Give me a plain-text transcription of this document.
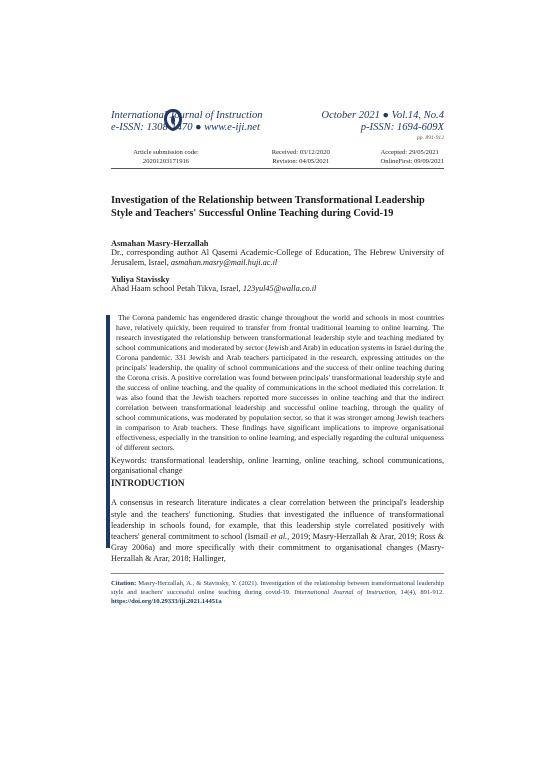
International Journal of Instruction	October 2021 ● Vol.14, No.4
e-ISSN: 1308-1470 ● www.e-iji.net	p-ISSN: 1694-609X
pp. 891-912
Article submission code:
20201203171916
Received: 03/12/2020
Revision: 04/05/2021
Accepted: 29/05/2021
OnlineFirst: 09/09/2021
Investigation of the Relationship between Transformational Leadership Style and Teachers' Successful Online Teaching during Covid-19
Asmahan Masry-Herzallah
Dr., corresponding author Al Qasemi Academic-College of Education, The Hebrew University of Jerusalem, Israel, asmahan.masry@mail.huji.ac.il
Yuliya Stavissky
Ahad Haam school Petah Tikva, Israel, 123yul45@walla.co.il
The Corona pandemic has engendered drastic change throughout the world and schools in most countries have, relatively quickly, been required to transfer from frontal traditional learning to online learning. The research investigated the relationship between transformational leadership style and teaching mediated by school communications and moderated by sector (Jewish and Arab) in education systems in Israel during the Corona pandemic. 331 Jewish and Arab teachers participated in the research, expressing attitudes on the principals' leadership, the quality of school communications and the success of their online teaching during the Corona crisis. A positive correlation was found between principals' transformational leadership style and the success of online teaching, and the quality of communications in the school mediated this correlation. It was also found that the Jewish teachers reported more successes in online teaching and that the indirect correlation between transformational leadership and successful online teaching, through the quality of school communications, was moderated by population sector, so that it was stronger among Jewish teachers in comparison to Arab teachers. These findings have significant implications to improve organisational effectiveness, especially in the transition to online learning, and especially regarding the cultural uniqueness of different sectors.
Keywords: transformational leadership, online learning, online teaching, school communications, organisational change
INTRODUCTION
A consensus in research literature indicates a clear correlation between the principal's leadership style and the teachers' functioning. Studies that investigated the influence of transformational leadership in schools found, for example, that this leadership style correlated positively with teachers' general commitment to school (Ismail et al., 2019; Masry-Herzallah & Arar, 2019; Ross & Gray 2006a) and more specifically with their commitment to organisational changes (Masry-Herzallah & Arar, 2018; Hallinger,
Citation: Masry-Herzallah, A., & Stavissky, Y. (2021). Investigation of the relationship between transformational leadership style and teachers' successful online teaching during covid-19. International Journal of Instruction, 14(4), 891-912. https://doi.org/10.29333/iji.2021.14451a
